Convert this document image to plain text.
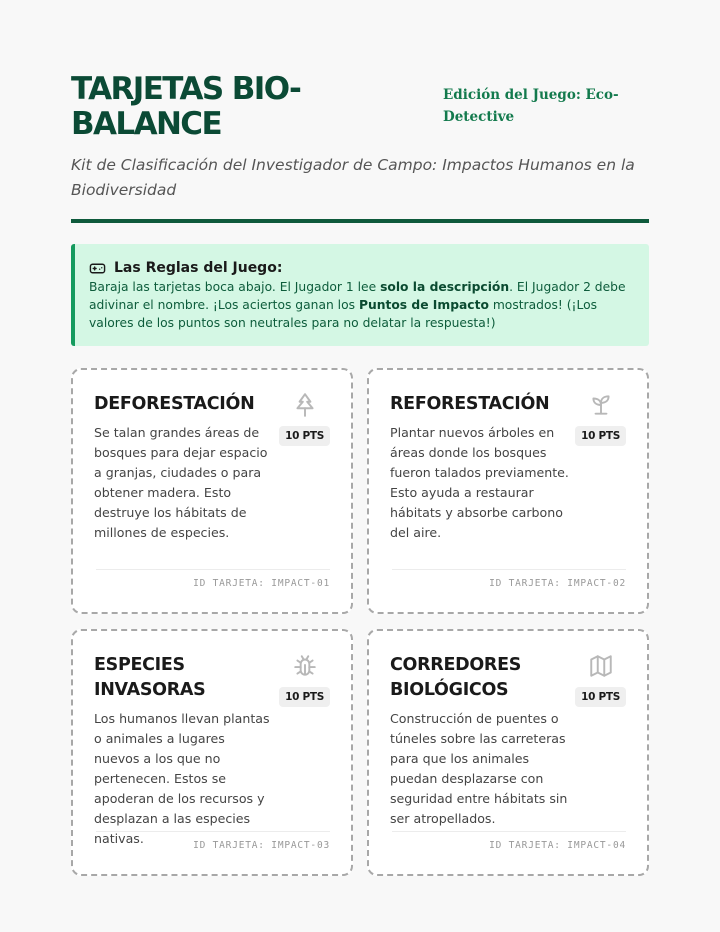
TARJETAS BIO-BALANCE
Edición del Juego: Eco-Detective

Kit de Clasificación del Investigador de Campo: Impactos Humanos en la Biodiversidad

Las Reglas del Juego:

Baraja las tarjetas boca abajo. El Jugador 1 lee solo la descripción. El Jugador 2 debe adivinar el nombre. ¡Los aciertos ganan los Puntos de Impacto mostrados! (¡Los valores de los puntos son neutrales para no delatar la respuesta!)

DEFORESTACIÓN
10 PTS

Se talan grandes áreas de bosques para dejar espacio a granjas, ciudades o para obtener madera. Esto destruye los hábitats de millones de especies.

ID TARJETA: IMPACT-01
REFORESTACIÓN
10 PTS

Plantar nuevos árboles en áreas donde los bosques fueron talados previamente. Esto ayuda a restaurar hábitats y absorbe carbono del aire.

ID TARJETA: IMPACT-02
ESPECIES INVASORAS	10 PTS

Los humanos llevan plantas o animales a lugares nuevos a los que no pertenecen. Estos se apoderan de los recursos y desplazan a las especies nativas.	ID TARJETA: IMPACT-03
CORREDORES BIOLÓGICOS	10 PTS

Construcción de puentes o túneles sobre las carreteras para que los animales puedan desplazarse con seguridad entre hábitats sin ser atropellados.

ID TARJETA: IMPACT-04
